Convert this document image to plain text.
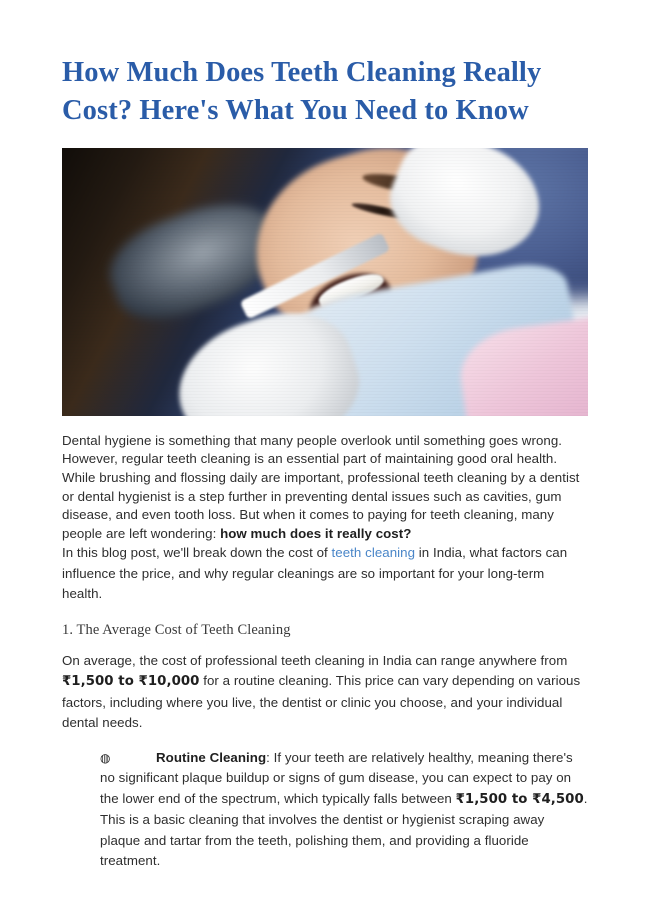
How Much Does Teeth Cleaning Really Cost? Here's What You Need to Know

Dental hygiene is something that many people overlook until something goes wrong. However, regular teeth cleaning is an essential part of maintaining good oral health. While brushing and flossing daily are important, professional teeth cleaning by a dentist or dental hygienist is a step further in preventing dental issues such as cavities, gum disease, and even tooth loss. But when it comes to paying for teeth cleaning, many people are left wondering: how much does it really cost?

In this blog post, we'll break down the cost of teeth cleaning in India, what factors can influence the price, and why regular cleanings are so important for your long-term health.

1. The Average Cost of Teeth Cleaning

On average, the cost of professional teeth cleaning in India can range anywhere from ₹1,500 to ₹10,000 for a routine cleaning. This price can vary depending on various factors, including where you live, the dentist or clinic you choose, and your individual dental needs.

◍	Routine Cleaning: If your teeth are relatively healthy, meaning there's no significant plaque buildup or signs of gum disease, you can expect to pay on the lower end of the spectrum, which typically falls between ₹1,500 to ₹4,500. This is a basic cleaning that involves the dentist or hygienist scraping away plaque and tartar from the teeth, polishing them, and providing a fluoride treatment.
